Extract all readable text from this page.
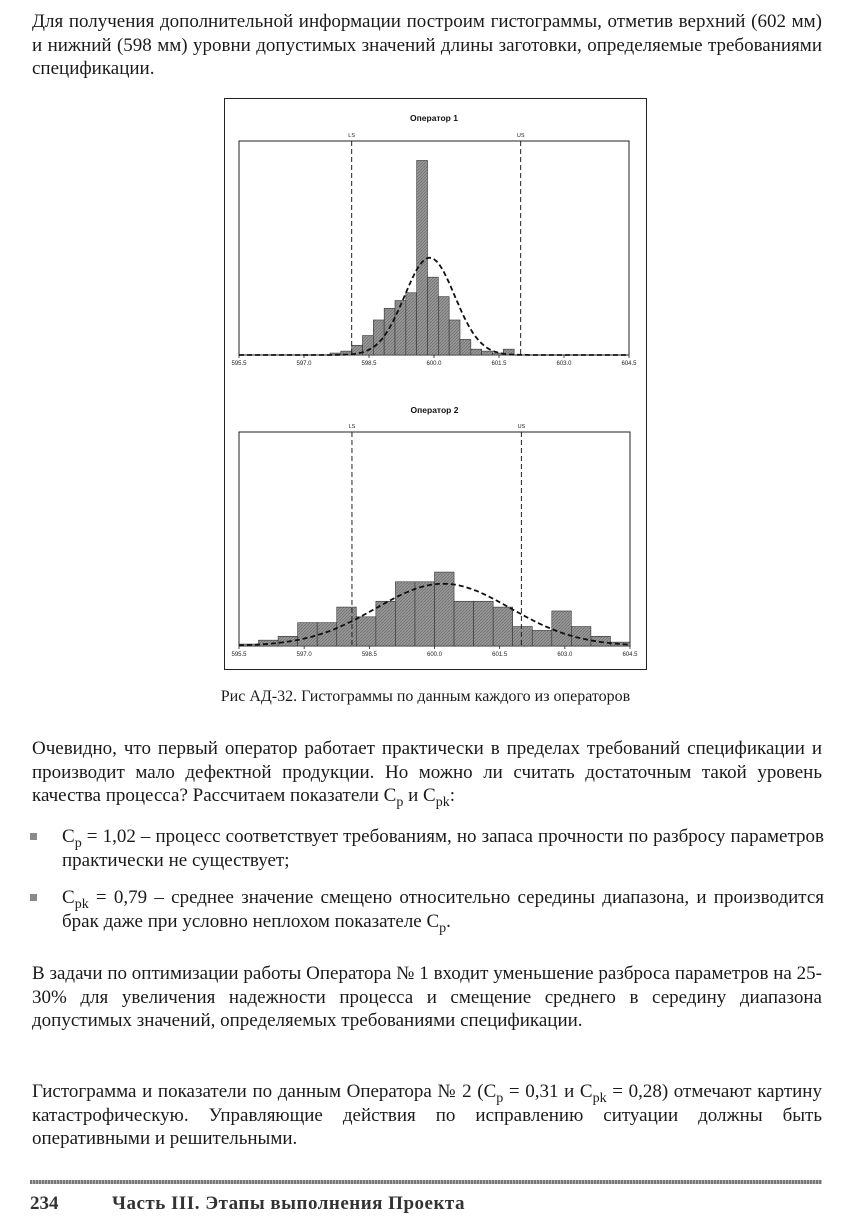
Для получения дополнительной информации построим гистограммы, отметив верхний (602 мм) и нижний (598 мм) уровни допустимых значений длины заготовки, определяемые требованиями спецификации.

Оператор 1
LS	US
595.5	597.0	598.5	600.0	601.5	603.0	604.5
Оператор 2
LS	US
595.5	597.0	598.5	600.0	601.5	603.0	604.5
Рис АД-32. Гистограммы по данным каждого из операторов

Очевидно, что первый оператор работает практически в пределах требований спецификации и производит мало дефектной продукции. Но можно ли считать достаточным такой уровень качества процесса? Рассчитаем показатели $C_p$ и $C_{pk}$:

$C_p = 1,02$ – процесс соответствует требованиям, но запаса прочности по разбросу параметров практически не существует;
$C_{pk} = 0,79$ – среднее значение смещено относительно середины диапазона, и производится брак даже при условно неплохом показателе $C_p$.

В задачи по оптимизации работы Оператора № 1 входит уменьшение разброса параметров на 25-30% для увеличения надежности процесса и смещение среднего в середину диапазона допустимых значений, определяемых требованиями спецификации.

Гистограмма и показатели по данным Оператора № 2 ($C_p = 0,31$ и $C_{pk} = 0,28$) отмечают картину катастрофическую. Управляющие действия по исправлению ситуации должны быть оперативными и решительными.

234	Часть III. Этапы выполнения Проекта
